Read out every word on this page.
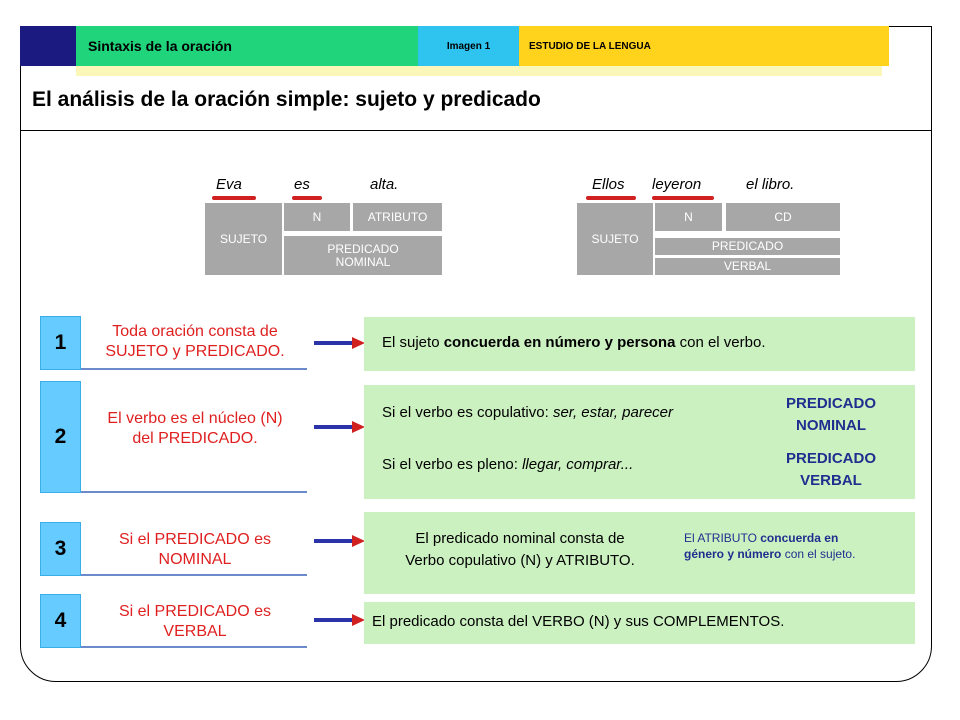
Sintaxis de la oración	Imagen 1	ESTUDIO DE LA LENGUA
El análisis de la oración simple: sujeto y predicado
Eva	es	alta.
SUJETO
N	ATRIBUTO
PREDICADO
NOMINAL
Ellos leyeron	el libro.
SUJETO
N	CD
PREDICADO
VERBAL
1	Toda oración consta de
SUJETO y PREDICADO.
El sujeto concuerda en número y persona con el verbo.
2
El verbo es el núcleo (N)
del PREDICADO.
Si el verbo es copulativo: ser, estar, parecer
PREDICADO
NOMINAL
Si el verbo es pleno: llegar, comprar...	PREDICADO
VERBAL
3	Si el PREDICADO es
NOMINAL
El predicado nominal consta de
Verbo copulativo (N) y ATRIBUTO.
El ATRIBUTO concuerda en
género y número con el sujeto.
4	Si el PREDICADO es
VERBAL
El predicado consta del VERBO (N) y sus COMPLEMENTOS.
